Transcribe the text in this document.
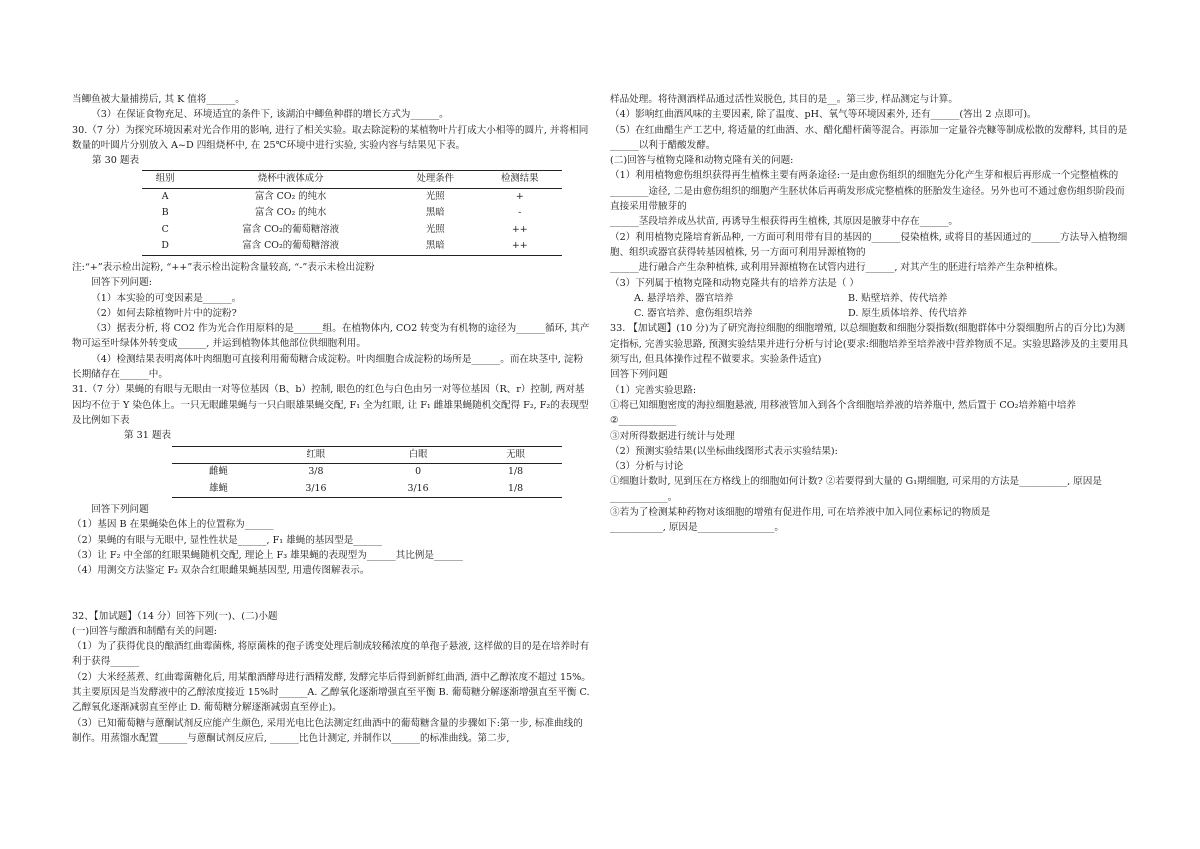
当鲫鱼被大量捕捞后, 其 K 值将______。

（3）在保证食物充足、环境适宜的条件下, 该湖泊中鲫鱼种群的增长方式为______。

30.（7 分）为探究环境因素对光合作用的影响, 进行了相关实验。取去除淀粉的某植物叶片打成大小相等的圆片, 并将相同数量的叶圆片分别放入 A~D 四组烧杯中, 在 25℃环境中进行实验, 实验内容与结果见下表。

第 30 题表

组别	烧杯中液体成分	处理条件	检测结果
A	富含 CO₂ 的纯水	光照	+
B	富含 CO₂ 的纯水	黑暗	-
C	富含 CO₂的葡萄糖溶液	光照	++
D	富含 CO₂的葡萄糖溶液	黑暗	++

注:“+”表示检出淀粉, “++”表示检出淀粉含量较高, “-”表示未检出淀粉

回答下列问题:

（1）本实验的可变因素是______。

（2）如何去除植物叶片中的淀粉?

（3）据表分析, 将 CO2 作为光合作用原料的是______组。在植物体内, CO2 转变为有机物的途径为______循环, 其产物可运至叶绿体外转变成______, 并运到植物体其他部位供细胞利用。

（4）检测结果表明离体叶肉细胞可直接利用葡萄糖合成淀粉。叶肉细胞合成淀粉的场所是______。而在块茎中, 淀粉长期储存在______中。

31.（7 分）果蝇的有眼与无眼由一对等位基因（B、b）控制, 眼色的红色与白色由另一对等位基因（R、r）控制, 两对基因均不位于 Y 染色体上。一只无眼雌果蝇与一只白眼雄果蝇交配, F₁ 全为红眼, 让 F₁ 雌雄果蝇随机交配得 F₂, F₂的表现型及比例如下表

第 31 题表

	红眼	白眼	无眼
雌蝇	3/8	0	1/8
雄蝇	3/16	3/16	1/8

回答下列问题

（1）基因 B 在果蝇染色体上的位置称为______

（2）果蝇的有眼与无眼中, 显性性状是______, F₁ 雄蝇的基因型是______

（3）让 F₂ 中全部的红眼果蝇随机交配, 理论上 F₃ 雄果蝇的表现型为______其比例是______

（4）用测交方法鉴定 F₂ 双杂合红眼雌果蝇基因型, 用遗传图解表示。

32、【加试题】（14 分）回答下列(一)、(二)小题

(一)回答与酿酒和制醋有关的问题:

（1）为了获得优良的酿酒红曲霉菌株, 将原菌株的孢子诱变处理后制成较稀浓度的单孢子悬液, 这样做的目的是在培养时有利于获得______

（2）大米经蒸煮、红曲霉菌糖化后, 用某酿酒酵母进行酒精发酵, 发酵完毕后得到新鲜红曲酒, 酒中乙醇浓度不超过 15%。其主要原因是当发酵液中的乙醇浓度接近 15%时______A. 乙醇氧化逐渐增强直至平衡 B. 葡萄糖分解逐渐增强直至平衡 C. 乙醇氧化逐渐减弱直至停止 D. 葡萄糖分解逐渐减弱直至停止)。

（3）已知葡萄糖与蒽酮试剂反应能产生颜色, 采用光电比色法测定红曲酒中的葡萄糖含量的步骤如下:第一步, 标准曲线的制作。用蒸馏水配置______与蒽酮试剂反应后, ______比色计测定, 并制作以______的标准曲线。第二步,

样品处理。将待测酒样品通过活性炭脱色, 其目的是__。第三步, 样品测定与计算。

（4）影响红曲酒风味的主要因素, 除了温度、pH、氧气等环境因素外, 还有______(答出 2 点即可)。

（5）在红曲醋生产工艺中, 将适量的红曲酒、水、醋化醋杆菌等混合。再添加一定量谷壳糠等制成松散的发酵料, 其目的是______以利于醋酸发酵。

(二)回答与植物克隆和动物克隆有关的问题:

（1）利用植物愈伤组织获得再生植株主要有两条途径:一是由愈伤组织的细胞先分化产生芽和根后再形成一个完整植株的________途径, 二是由愈伤组织的细胞产生胚状体后再萌发形成完整植株的胚胎发生途径。另外也可不通过愈伤组织阶段而直接采用带腋芽的

______茎段培养成丛状苗, 再诱导生根获得再生植株, 其原因是腋芽中存在______。

（2）利用植物克隆培育新品种, 一方面可利用带有目的基因的______侵染植株, 或将目的基因通过的______方法导入植物细胞、组织或器官获得转基因植株, 另一方面可利用异源植物的

______进行融合产生杂种植株, 或利用异源植物在试管内进行______, 对其产生的胚进行培养产生杂种植株。

（3）下列属于植物克隆和动物克隆共有的培养方法是（ ）

A. 悬浮培养、器官培养	B. 贴壁培养、传代培养

C. 器官培养、愈伤组织培养	D. 原生质体培养、传代培养

33. 【加试题】(10 分)为了研究海拉细胞的细胞增殖, 以总细胞数和细胞分裂指数(细胞群体中分裂细胞所占的百分比)为测定指标, 完善实验思路, 预测实验结果并进行分析与讨论(要求:细胞培养至培养液中营养物质不足。实验思路涉及的主要用具须写出, 但具体操作过程不做要求。实验条件适宜)

回答下列问题

（1）完善实验思路:

①将已知细胞密度的海拉细胞悬液, 用移液管加入到各个含细胞培养液的培养瓶中, 然后置于 CO₂培养箱中培养

②____________

③对所得数据进行统计与处理

（2）预测实验结果(以坐标曲线图形式表示实验结果):

（3）分析与讨论

①细胞计数时, 见到压在方格线上的细胞如何计数? ②若要得到大量的 G₁期细胞, 可采用的方法是__________, 原因是____________。

③若为了检测某种药物对该细胞的增殖有促进作用, 可在培养液中加入同位素标记的物质是

___________, 原因是________________。
